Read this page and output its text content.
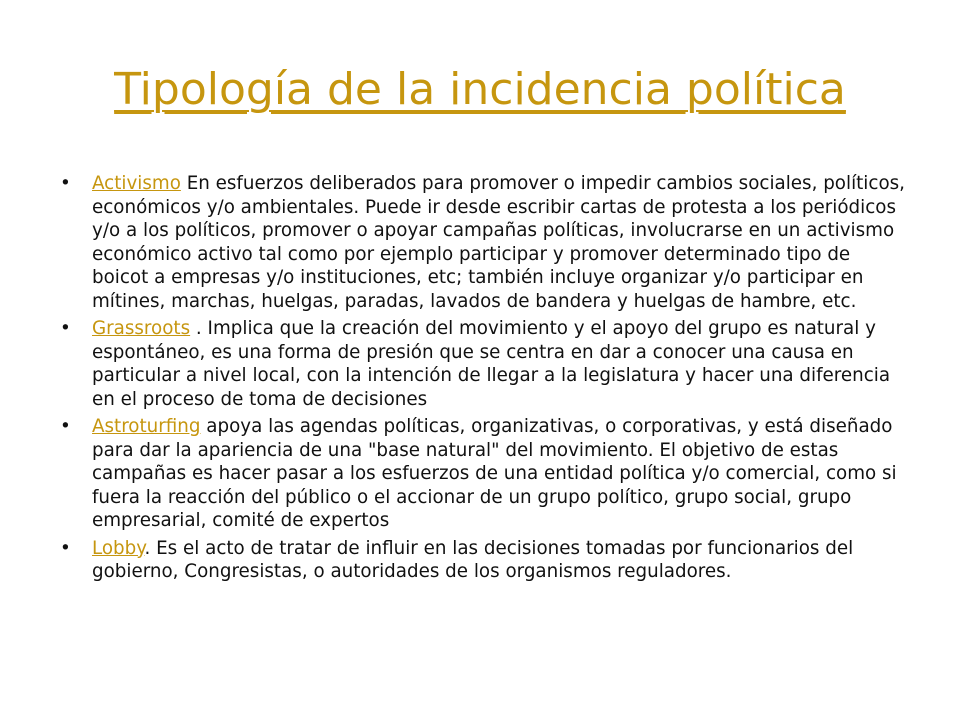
Tipología de la incidencia política
•	Activismo En esfuerzos deliberados para promover o impedir cambios sociales, políticos, económicos y/o ambientales. Puede ir desde escribir cartas de protesta a los periódicos y/o a los políticos, promover o apoyar campañas políticas, involucrarse en un activismo económico activo tal como por ejemplo participar y promover determinado tipo de boicot a empresas y/o instituciones, etc; también incluye organizar y/o participar en mítines, marchas, huelgas, paradas, lavados de bandera y huelgas de hambre, etc.
•	Grassroots . Implica que la creación del movimiento y el apoyo del grupo es natural y espontáneo, es una forma de presión que se centra en dar a conocer una causa en particular a nivel local, con la intención de llegar a la legislatura y hacer una diferencia en el proceso de toma de decisiones
•	Astroturfing apoya las agendas políticas, organizativas, o corporativas, y está diseñado para dar la apariencia de una "base natural" del movimiento. El objetivo de estas campañas es hacer pasar a los esfuerzos de una entidad política y/o comercial, como si fuera la reacción del público o el accionar de un grupo político, grupo social, grupo empresarial, comité de expertos
•	Lobby. Es el acto de tratar de influir en las decisiones tomadas por funcionarios del gobierno, Congresistas, o autoridades de los organismos reguladores.
